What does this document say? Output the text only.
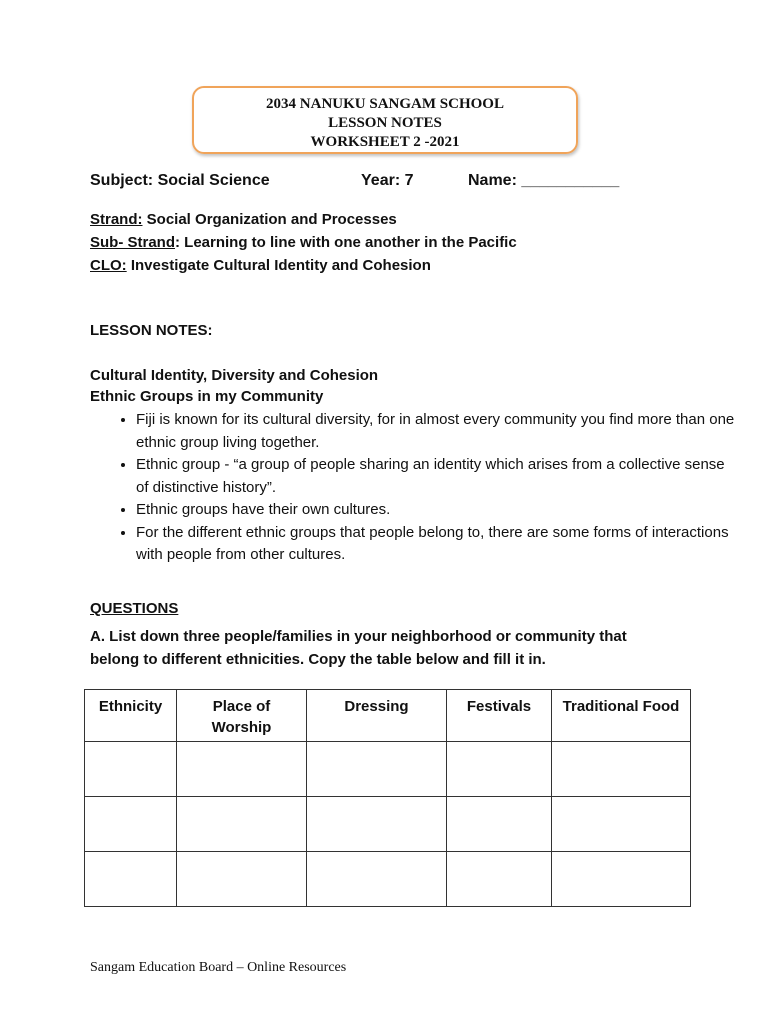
2034 NANUKU SANGAM SCHOOL
LESSON NOTES
WORKSHEET 2 -2021
Subject: Social Science	Year: 7	Name: ___________
Strand: Social Organization and Processes
Sub- Strand: Learning to line with one another in the Pacific
CLO: Investigate Cultural Identity and Cohesion
LESSON NOTES:
Cultural Identity, Diversity and Cohesion
Ethnic Groups in my Community
• Fiji is known for its cultural diversity, for in almost every community you find more than one ethnic group living together.
• Ethnic group - “a group of people sharing an identity which arises from a collective sense of distinctive history”.
• Ethnic groups have their own cultures.
• For the different ethnic groups that people belong to, there are some forms of interactions with people from other cultures.
QUESTIONS
A. List down three people/families in your neighborhood or community that belong to different ethnicities. Copy the table below and fill it in.
Ethnicity	Place of Worship	Dressing	Festivals	Traditional Food

Sangam Education Board – Online Resources
